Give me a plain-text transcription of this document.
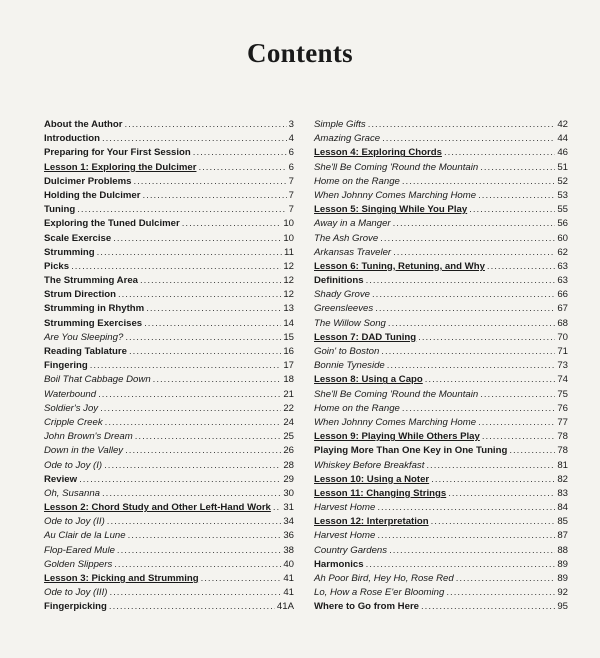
Contents
About the Author .....	3
Introduction .....	4
Preparing for Your First Session .....	6
Lesson 1: Exploring the Dulcimer .....	6
Dulcimer Problems .....	7
Holding the Dulcimer .....	7
Tuning .....	7
Exploring the Tuned Dulcimer .....	10
Scale Exercise .....	10
Strumming .....	11
Picks .....	12
The Strumming Area .....	12
Strum Direction .....	12
Strumming in Rhythm .....	13
Strumming Exercises .....	14
Are You Sleeping? .....	15
Reading Tablature .....	16
Fingering .....	17
Boil That Cabbage Down .....	18
Waterbound .....	21
Soldier's Joy .....	22
Cripple Creek .....	24
John Brown's Dream .....	25
Down in the Valley .....	26
Ode to Joy (I) .....	28
Review .....	29
Oh, Susanna .....	30
Lesson 2: Chord Study and Other Left-Hand Work ..... 31
Ode to Joy (II) .....	34
Au Clair de la Lune .....	36
Flop-Eared Mule .....	38
Golden Slippers .....	40
Lesson 3: Picking and Strumming .....	41
Ode to Joy (III) .....	41
Fingerpicking .....	41A
Simple Gifts .....	42
Amazing Grace .....	44
Lesson 4: Exploring Chords .....	46
She'll Be Coming 'Round the Mountain .....	51
Home on the Range .....	52
When Johnny Comes Marching Home .....	53
Lesson 5: Singing While You Play .....	55
Away in a Manger .....	56
The Ash Grove .....	60
Arkansas Traveler .....	62
Lesson 6: Tuning, Retuning, and Why .....	63
Definitions .....	63
Shady Grove .....	66
Greensleeves .....	67
The Willow Song .....	68
Lesson 7: DAD Tuning .....	70
Goin' to Boston .....	71
Bonnie Tyneside .....	73
Lesson 8: Using a Capo .....	74
She'll Be Coming 'Round the Mountain .....	75
Home on the Range .....	76
When Johnny Comes Marching Home .....	77
Lesson 9: Playing While Others Play .....	78
Playing More Than One Key in One Tuning .....	78
Whiskey Before Breakfast .....	81
Lesson 10: Using a Noter .....	82
Lesson 11: Changing Strings .....	83
Harvest Home .....	84
Lesson 12: Interpretation .....	85
Harvest Home .....	87
Country Gardens .....	88
Harmonics .....	89
Ah Poor Bird, Hey Ho, Rose Red .....	89
Lo, How a Rose E'er Blooming .....	92
Where to Go from Here .....	95
